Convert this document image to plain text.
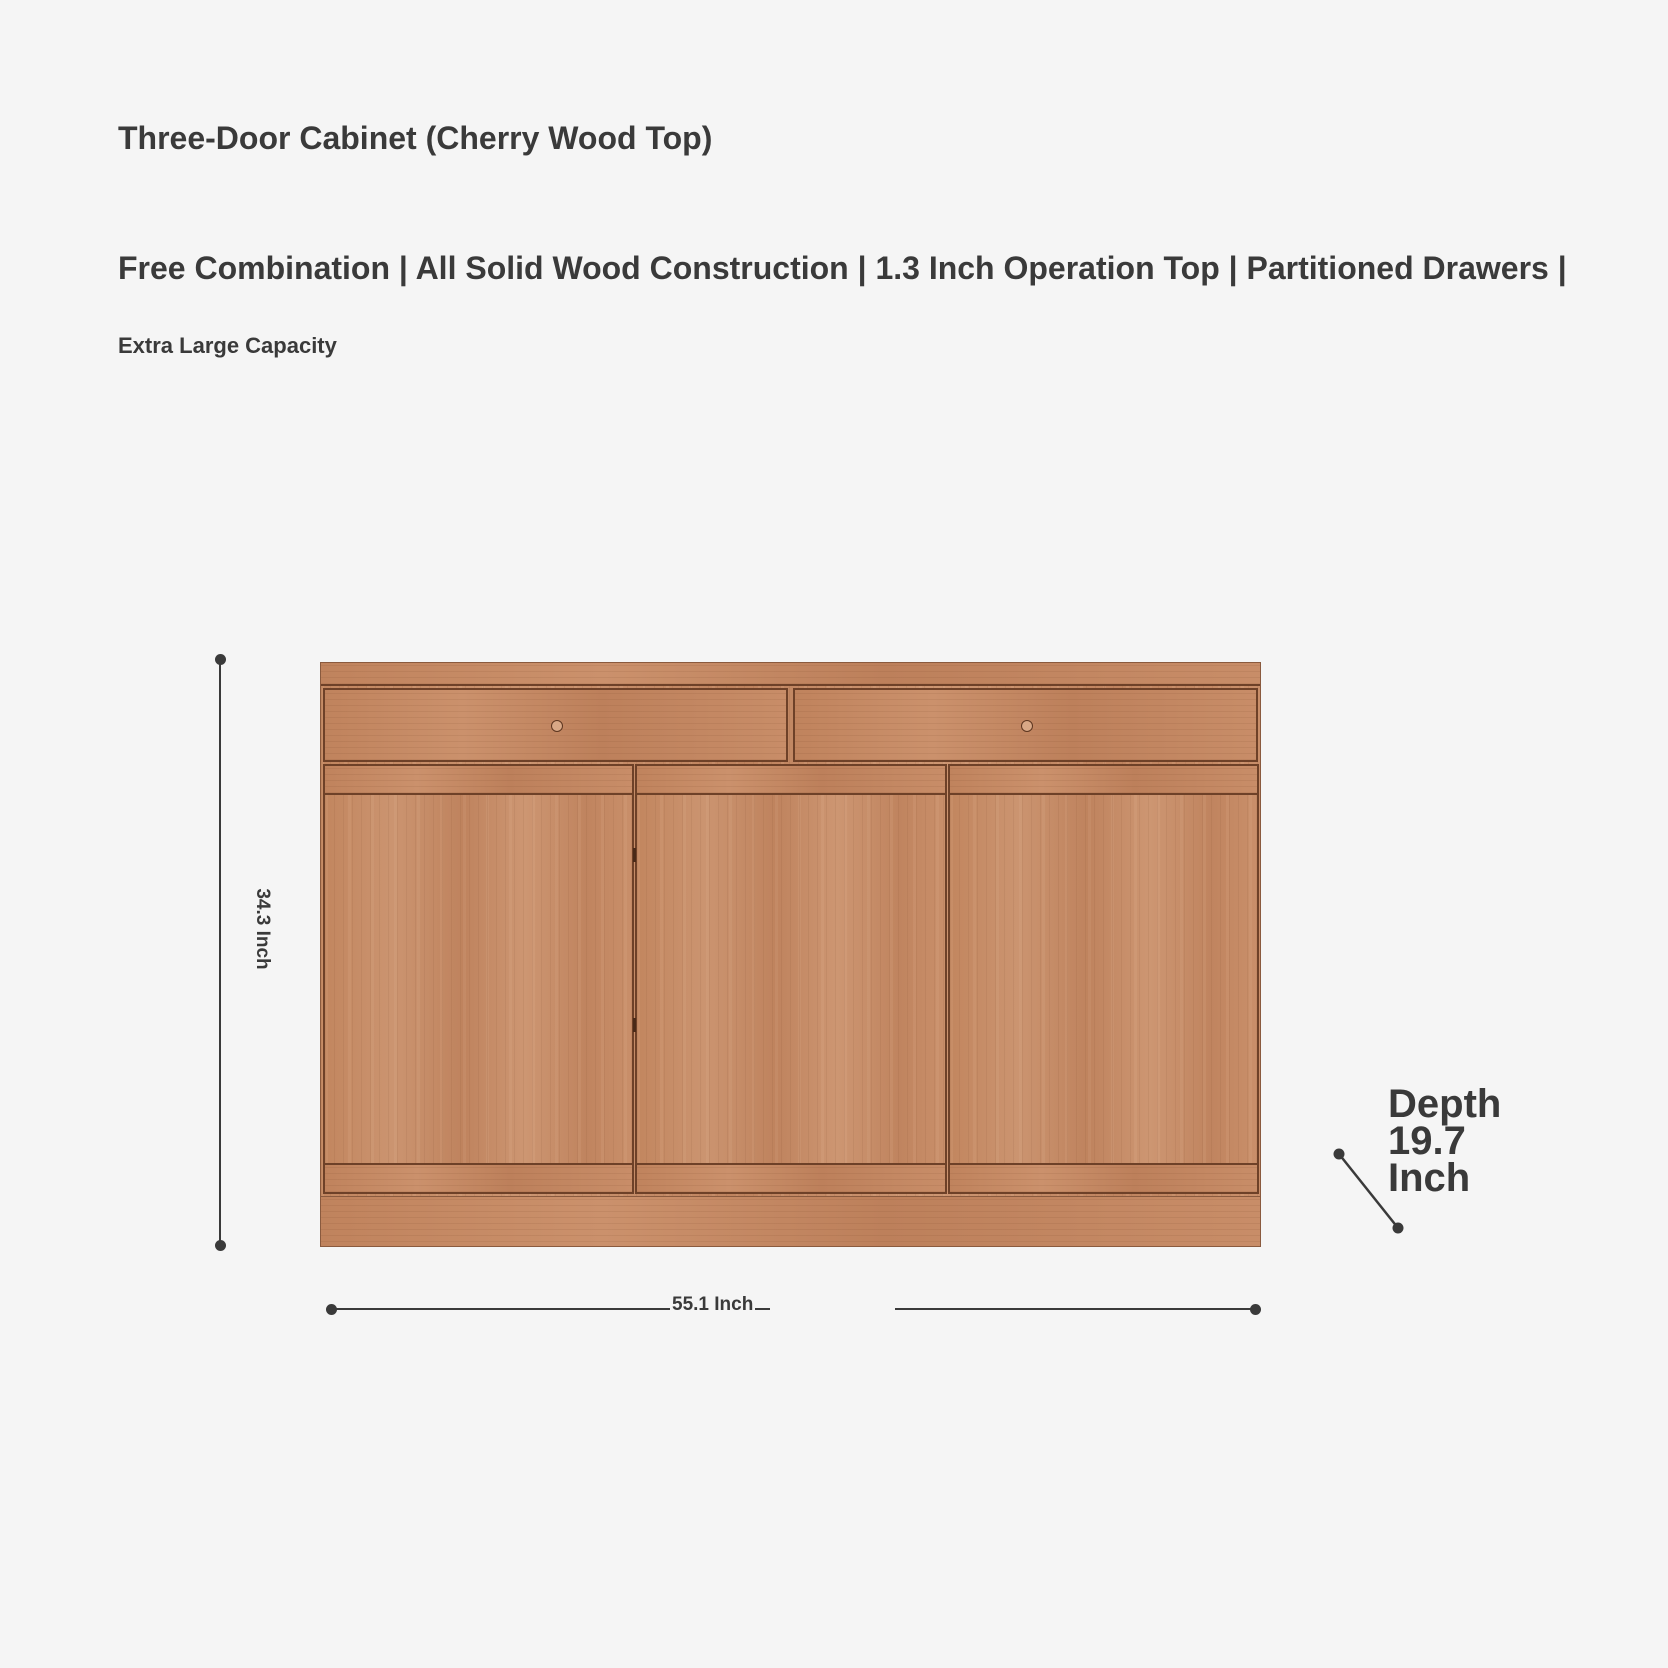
Three-Door Cabinet (Cherry Wood Top)
Free Combination | All Solid Wood Construction | 1.3 Inch Operation Top | Partitioned Drawers |
Extra Large Capacity
34.3 Inch
55.1 Inch
Depth
19.7
Inch
